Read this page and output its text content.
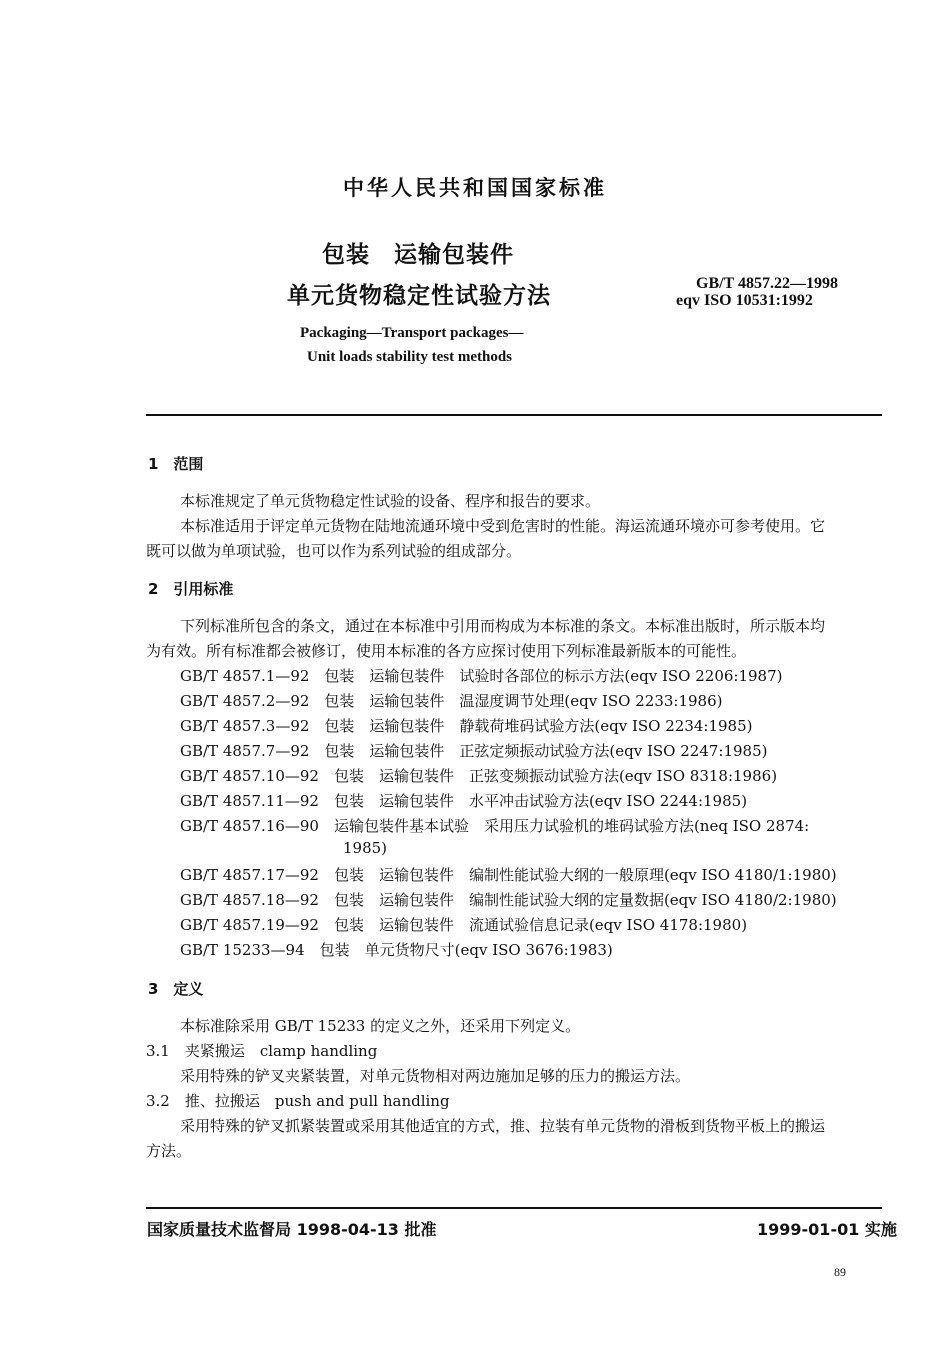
中华人民共和国国家标准
包装　运输包装件
单元货物稳定性试验方法	GB/T 4857.22—1998
eqv ISO 10531:1992
Packaging—Transport packages—
Unit loads stability test methods
1　范围
本标准规定了单元货物稳定性试验的设备、程序和报告的要求。
本标准适用于评定单元货物在陆地流通环境中受到危害时的性能。海运流通环境亦可参考使用。它
既可以做为单项试验，也可以作为系列试验的组成部分。
2　引用标准
下列标准所包含的条文，通过在本标准中引用而构成为本标准的条文。本标准出版时，所示版本均
为有效。所有标准都会被修订，使用本标准的各方应探讨使用下列标准最新版本的可能性。
GB/T 4857.1—92　包装　运输包装件　试验时各部位的标示方法(eqv ISO 2206:1987)
GB/T 4857.2—92　包装　运输包装件　温湿度调节处理(eqv ISO 2233:1986)
GB/T 4857.3—92　包装　运输包装件　静载荷堆码试验方法(eqv ISO 2234:1985)
GB/T 4857.7—92　包装　运输包装件　正弦定频振动试验方法(eqv ISO 2247:1985)
GB/T 4857.10—92　包装　运输包装件　正弦变频振动试验方法(eqv ISO 8318:1986)
GB/T 4857.11—92　包装　运输包装件　水平冲击试验方法(eqv ISO 2244:1985)
GB/T 4857.16—90　运输包装件基本试验　采用压力试验机的堆码试验方法(neq ISO 2874:
1985)
GB/T 4857.17—92　包装　运输包装件　编制性能试验大纲的一般原理(eqv ISO 4180/1:1980)
GB/T 4857.18—92　包装　运输包装件　编制性能试验大纲的定量数据(eqv ISO 4180/2:1980)
GB/T 4857.19—92　包装　运输包装件　流通试验信息记录(eqv ISO 4178:1980)
GB/T 15233—94　包装　单元货物尺寸(eqv ISO 3676:1983)
3　定义
本标准除采用 GB/T 15233 的定义之外，还采用下列定义。
3.1　夹紧搬运　clamp handling
采用特殊的铲叉夹紧装置，对单元货物相对两边施加足够的压力的搬运方法。
3.2　推、拉搬运　push and pull handling
采用特殊的铲叉抓紧装置或采用其他适宜的方式，推、拉装有单元货物的滑板到货物平板上的搬运
方法。
国家质量技术监督局 1998-04-13 批准	1999-01-01 实施
89
